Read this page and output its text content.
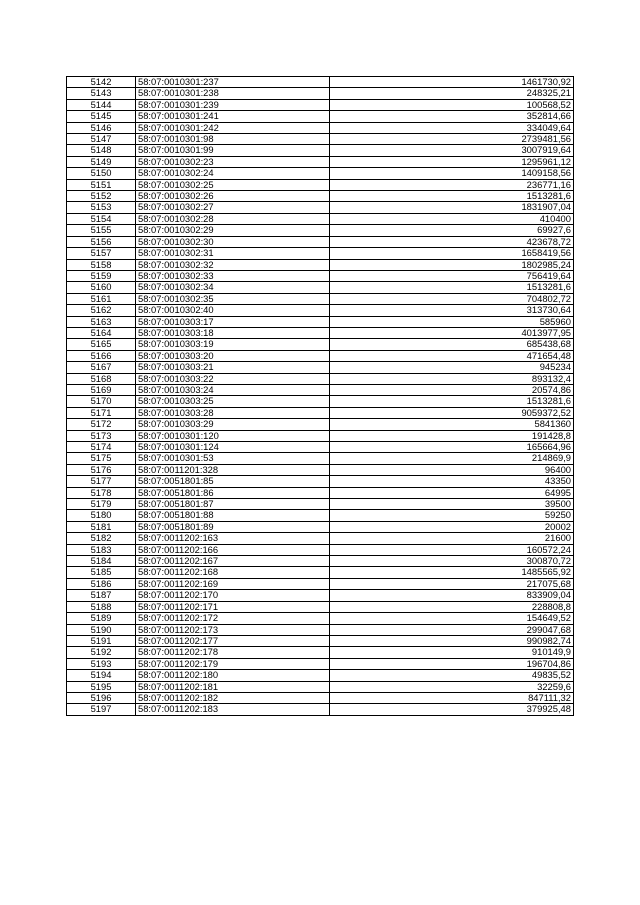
5142	58:07:0010301:237	1461730,92
5143	58:07:0010301:238	248325,21
5144	58:07:0010301:239	100568,52
5145	58:07:0010301:241	352814,66
5146	58:07:0010301:242	334049,64
5147	58:07:0010301:98	2739481,56
5148	58:07:0010301:99	3007919,64
5149	58:07:0010302:23	1295961,12
5150	58:07:0010302:24	1409158,56
5151	58:07:0010302:25	236771,16
5152	58:07:0010302:26	1513281,6
5153	58:07:0010302:27	1831907,04
5154	58:07:0010302:28	410400
5155	58:07:0010302:29	69927,6
5156	58:07:0010302:30	423678,72
5157	58:07:0010302:31	1658419,56
5158	58:07:0010302:32	1802985,24
5159	58:07:0010302:33	756419,64
5160	58:07:0010302:34	1513281,6
5161	58:07:0010302:35	704802,72
5162	58:07:0010302:40	313730,64
5163	58:07:0010303:17	585960
5164	58:07:0010303:18	4013977,95
5165	58:07:0010303:19	685438,68
5166	58:07:0010303:20	471654,48
5167	58:07:0010303:21	945234
5168	58:07:0010303:22	893132,4
5169	58:07:0010303:24	20574,86
5170	58:07:0010303:25	1513281,6
5171	58:07:0010303:28	9059372,52
5172	58:07:0010303:29	5841360
5173	58:07:0010301:120	191428,8
5174	58:07:0010301:124	165664,96
5175	58:07:0010301:53	214869,9
5176	58:07:0011201:328	96400
5177	58:07:0051801:85	43350
5178	58:07:0051801:86	64995
5179	58:07:0051801:87	39500
5180	58:07:0051801:88	59250
5181	58:07:0051801:89	20002
5182	58:07:0011202:163	21600
5183	58:07:0011202:166	160572,24
5184	58:07:0011202:167	300870,72
5185	58:07:0011202:168	1485565,92
5186	58:07:0011202:169	217075,68
5187	58:07:0011202:170	833909,04
5188	58:07:0011202:171	228808,8
5189	58:07:0011202:172	154649,52
5190	58:07:0011202:173	299047,68
5191	58:07:0011202:177	990982,74
5192	58:07:0011202:178	910149,9
5193	58:07:0011202:179	196704,86
5194	58:07:0011202:180	49835,52
5195	58:07:0011202:181	32259,6
5196	58:07:0011202:182	847111,32
5197	58:07:0011202:183	379925,48
